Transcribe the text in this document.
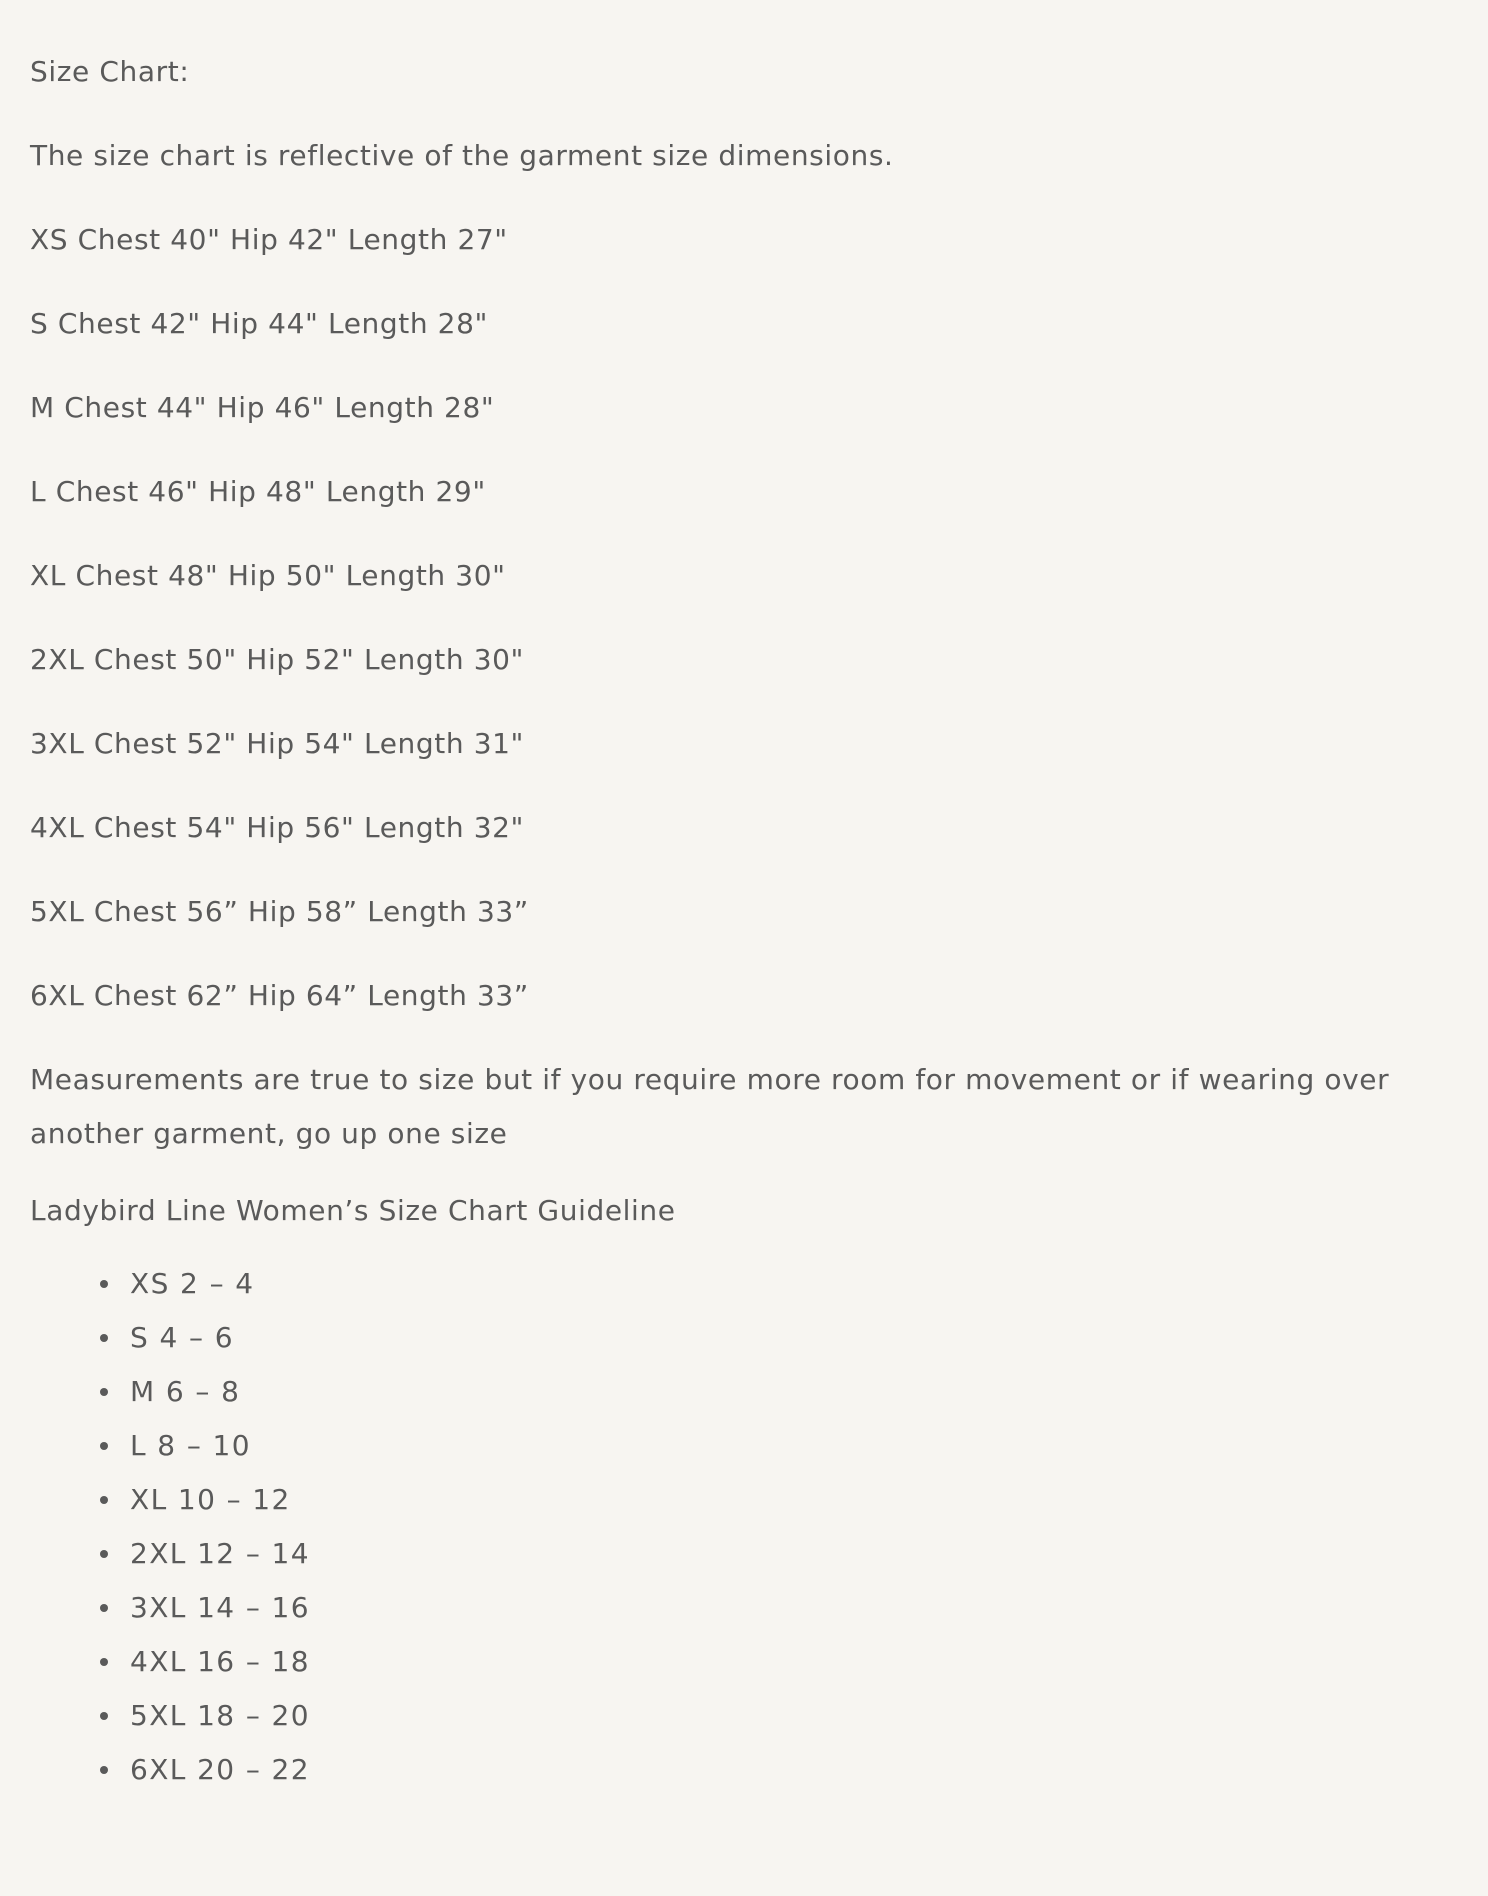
Size Chart:

The size chart is reflective of the garment size dimensions.

XS Chest 40" Hip 42" Length 27"

S Chest 42" Hip 44" Length 28"

M Chest 44" Hip 46" Length 28"

L Chest 46" Hip 48" Length 29"

XL Chest 48" Hip 50" Length 30"

2XL Chest 50" Hip 52" Length 30"

3XL Chest 52" Hip 54" Length 31"

4XL Chest 54" Hip 56" Length 32"

5XL Chest 56” Hip 58” Length 33”

6XL Chest 62” Hip 64” Length 33”

Measurements are true to size but if you require more room for movement or if wearing over another garment, go up one size

Ladybird Line Women’s Size Chart Guideline

XS 2 – 4
S 4 – 6
M 6 – 8
L 8 – 10
XL 10 – 12
2XL 12 – 14
3XL 14 – 16
4XL 16 – 18
5XL 18 – 20
6XL 20 – 22
